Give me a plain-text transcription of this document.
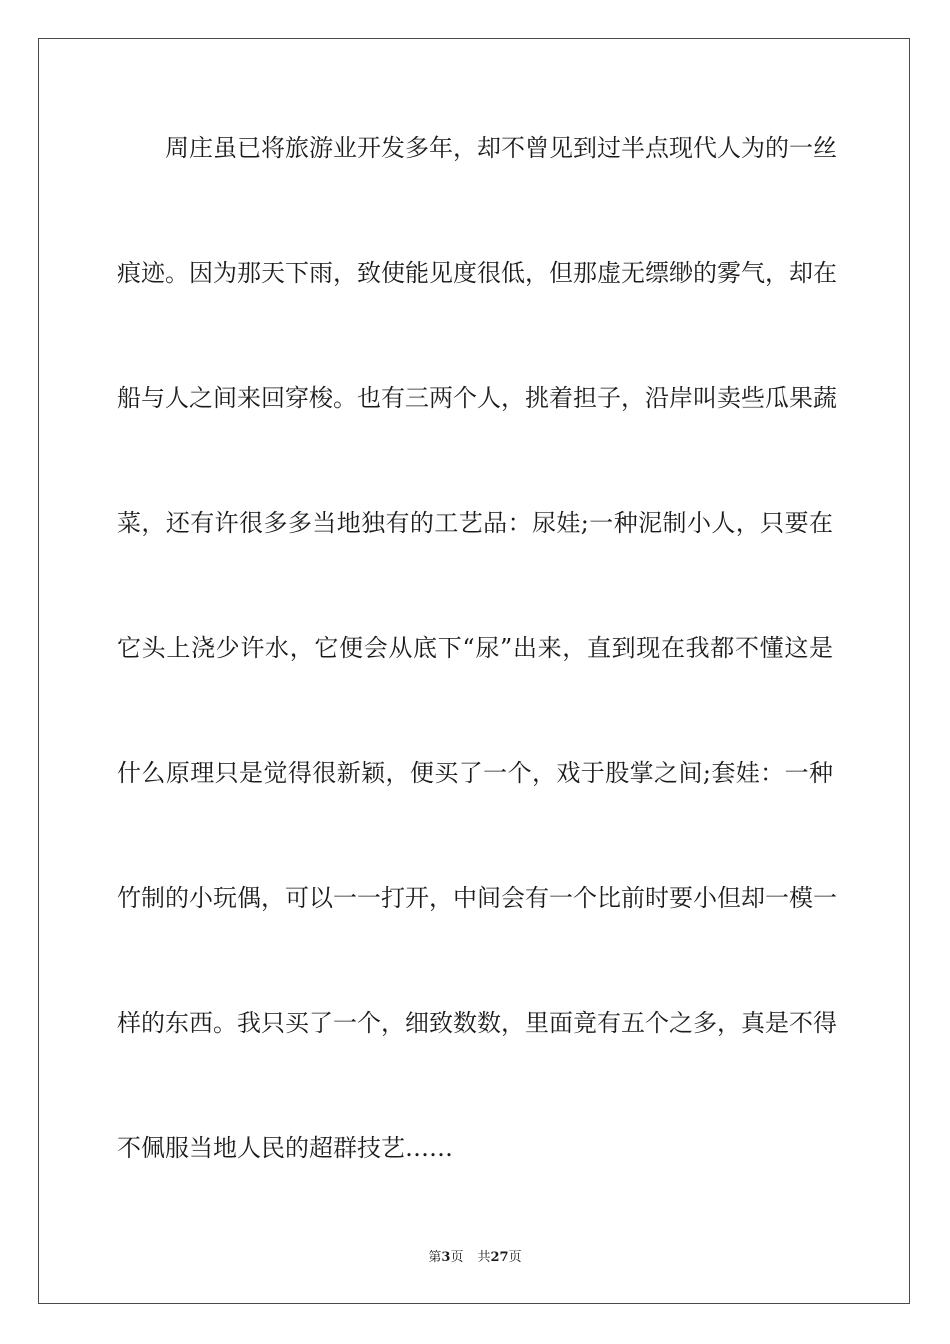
周庄虽已将旅游业开发多年，却不曾见到过半点现代人为的一丝

痕迹。因为那天下雨，致使能见度很低，但那虚无缥缈的雾气，却在

船与人之间来回穿梭。也有三两个人，挑着担子，沿岸叫卖些瓜果蔬

菜，还有许很多多当地独有的工艺品：尿娃;一种泥制小人，只要在

它头上浇少许水，它便会从底下“尿”出来，直到现在我都不懂这是

什么原理只是觉得很新颖，便买了一个，戏于股掌之间;套娃：一种

竹制的小玩偶，可以一一打开，中间会有一个比前时要小但却一模一

样的东西。我只买了一个，细致数数，里面竟有五个之多，真是不得

不佩服当地人民的超群技艺……

第3页 共27页
